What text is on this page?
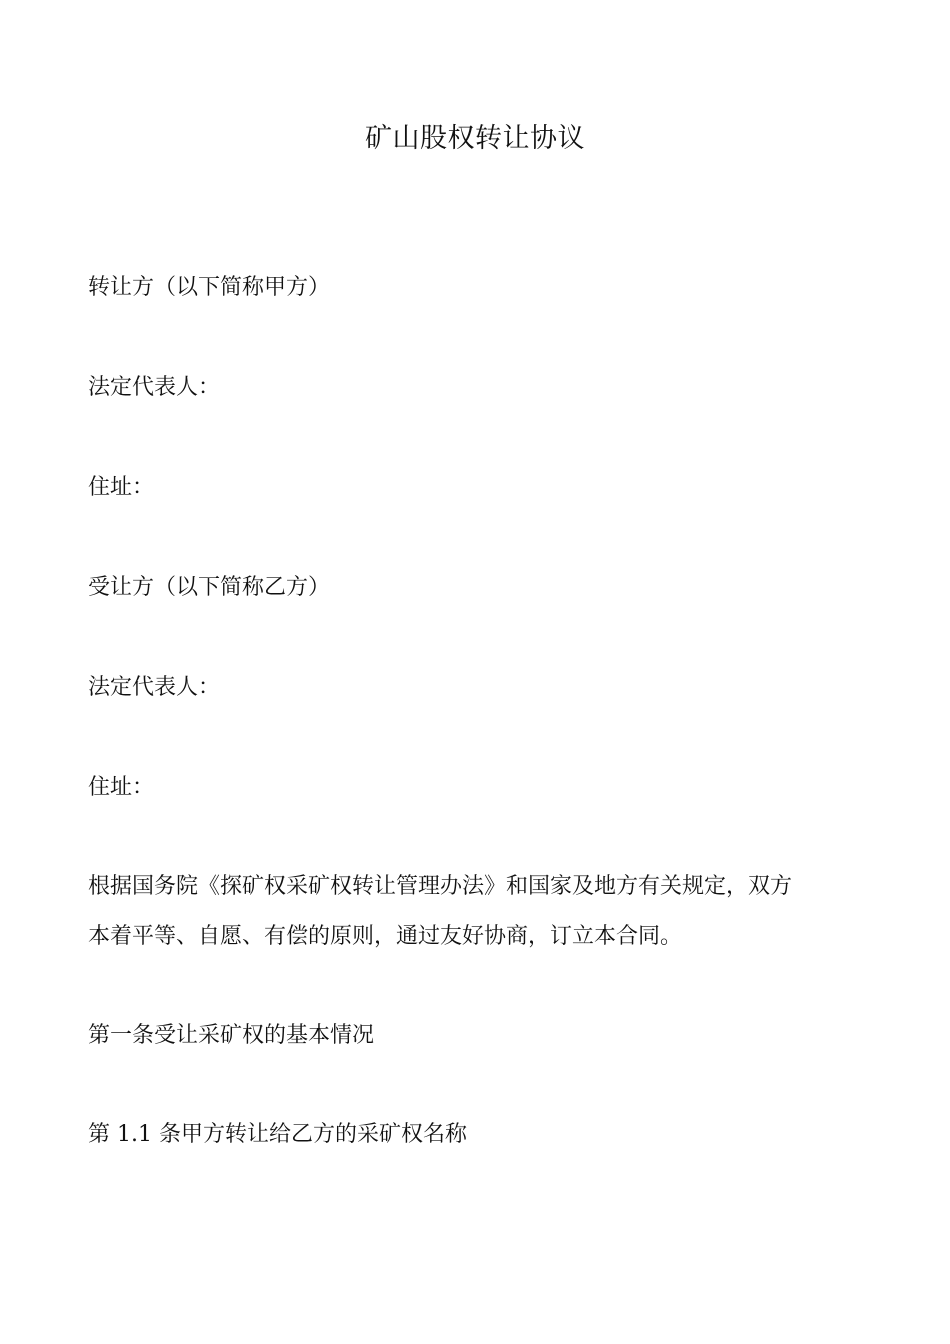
矿山股权转让协议
转让方（以下简称甲方）
法定代表人：
住址：
受让方（以下简称乙方）
法定代表人：
住址：
根据国务院《探矿权采矿权转让管理办法》和国家及地方有关规定，双方
本着平等、自愿、有偿的原则，通过友好协商，订立本合同。
第一条受让采矿权的基本情况
第 1.1 条甲方转让给乙方的采矿权名称
